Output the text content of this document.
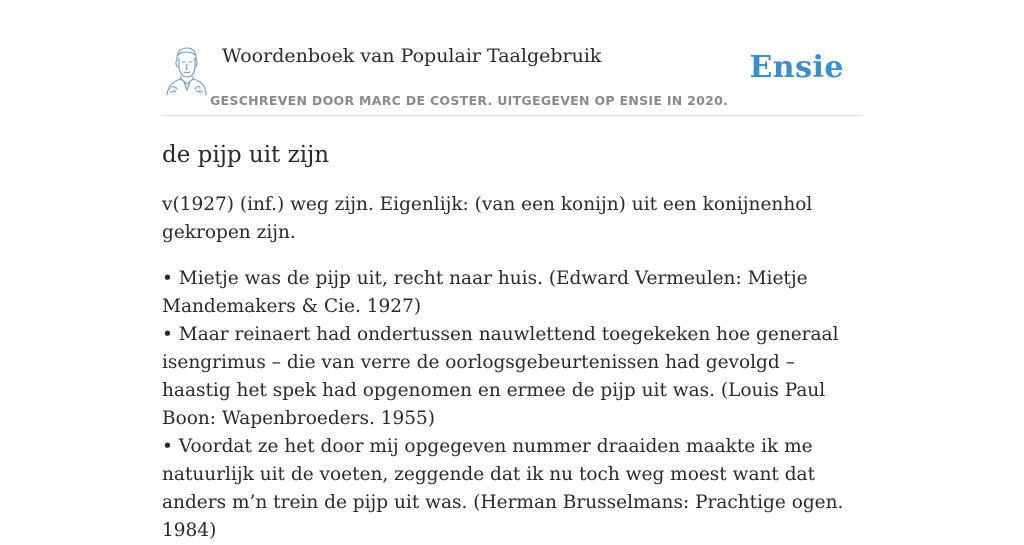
Woordenboek van Populair Taalgebruik
GESCHREVEN DOOR MARC DE COSTER. UITGEGEVEN OP ENSIE IN 2020.
Ensie
de pijp uit zijn

v(1927) (inf.) weg zijn. Eigenlijk: (van een konijn) uit een konijnenhol gekropen zijn.

• Mietje was de pijp uit, recht naar huis. (Edward Vermeulen: Mietje Mandemakers & Cie. 1927)
• Maar reinaert had ondertussen nauwlettend toegekeken hoe generaal isengrimus – die van verre de oorlogsgebeurtenissen had gevolgd – haastig het spek had opgenomen en ermee de pijp uit was. (Louis Paul Boon: Wapenbroeders. 1955)
• Voordat ze het door mij opgegeven nummer draaiden maakte ik me natuurlijk uit de voeten, zeggende dat ik nu toch weg moest want dat anders m’n trein de pijp uit was. (Herman Brusselmans: Prachtige ogen. 1984)
